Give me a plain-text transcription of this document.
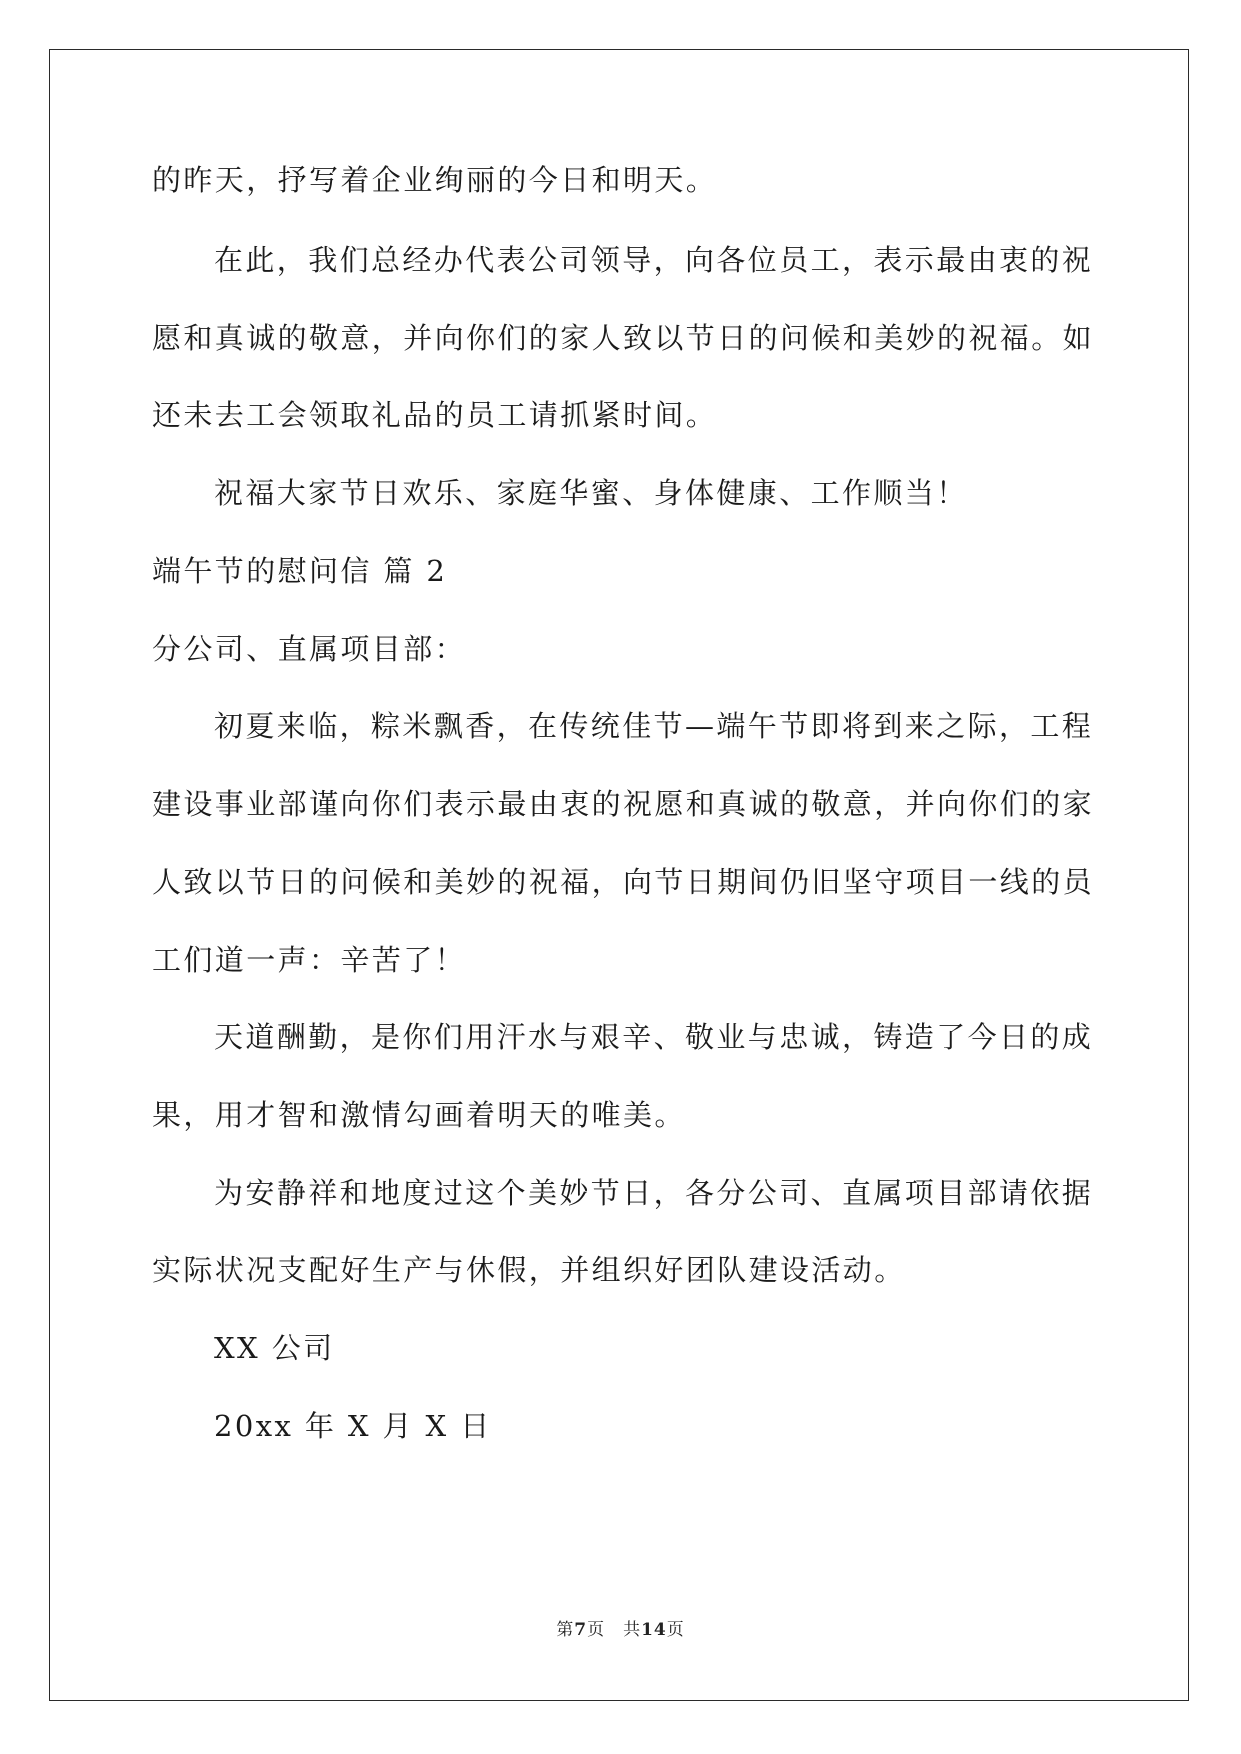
的昨天，抒写着企业绚丽的今日和明天。
在此，我们总经办代表公司领导，向各位员工，表示最由衷的祝
愿和真诚的敬意，并向你们的家人致以节日的问候和美妙的祝福。如
还未去工会领取礼品的员工请抓紧时间。
祝福大家节日欢乐、家庭华蜜、身体健康、工作顺当！
端午节的慰问信 篇 2
分公司、直属项目部：
初夏来临，粽米飘香，在传统佳节—端午节即将到来之际，工程
建设事业部谨向你们表示最由衷的祝愿和真诚的敬意，并向你们的家
人致以节日的问候和美妙的祝福，向节日期间仍旧坚守项目一线的员
工们道一声：辛苦了！
天道酬勤，是你们用汗水与艰辛、敬业与忠诚，铸造了今日的成
果，用才智和激情勾画着明天的唯美。
为安静祥和地度过这个美妙节日，各分公司、直属项目部请依据
实际状况支配好生产与休假，并组织好团队建设活动。
XX 公司
20xx 年 X 月 X 日
第7页 共14页
